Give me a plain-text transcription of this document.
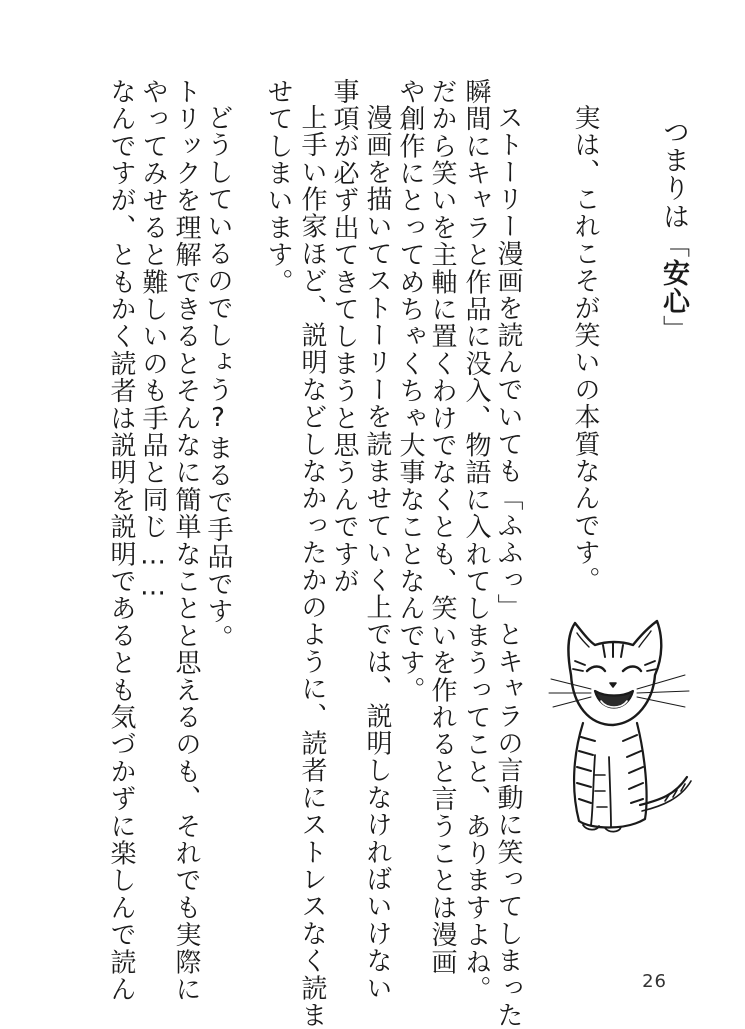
つまりは「安心」
実は、これこそが笑いの本質なんです。
ストーリー漫画を読んでいても「ふふっ」とキャラの言動に笑ってしまった
瞬間にキャラと作品に没入、物語に入れてしまうってこと、ありますよね。
だから笑いを主軸に置くわけでなくとも、笑いを作れると言うことは漫画
や創作にとってめちゃくちゃ大事なことなんです。
漫画を描いてストーリーを読ませていく上では、説明しなければいけない
事項が必ず出てきてしまうと思うんですが
上手い作家ほど、説明などしなかったかのように、読者にストレスなく読ま
せてしまいます。
どうしているのでしょう?まるで手品です。
トリックを理解できるとそんなに簡単なことと思えるのも、それでも実際に
やってみせると難しいのも手品と同じ……
なんですが、ともかく読者は説明を説明であるとも気づかずに楽しんで読ん	26
